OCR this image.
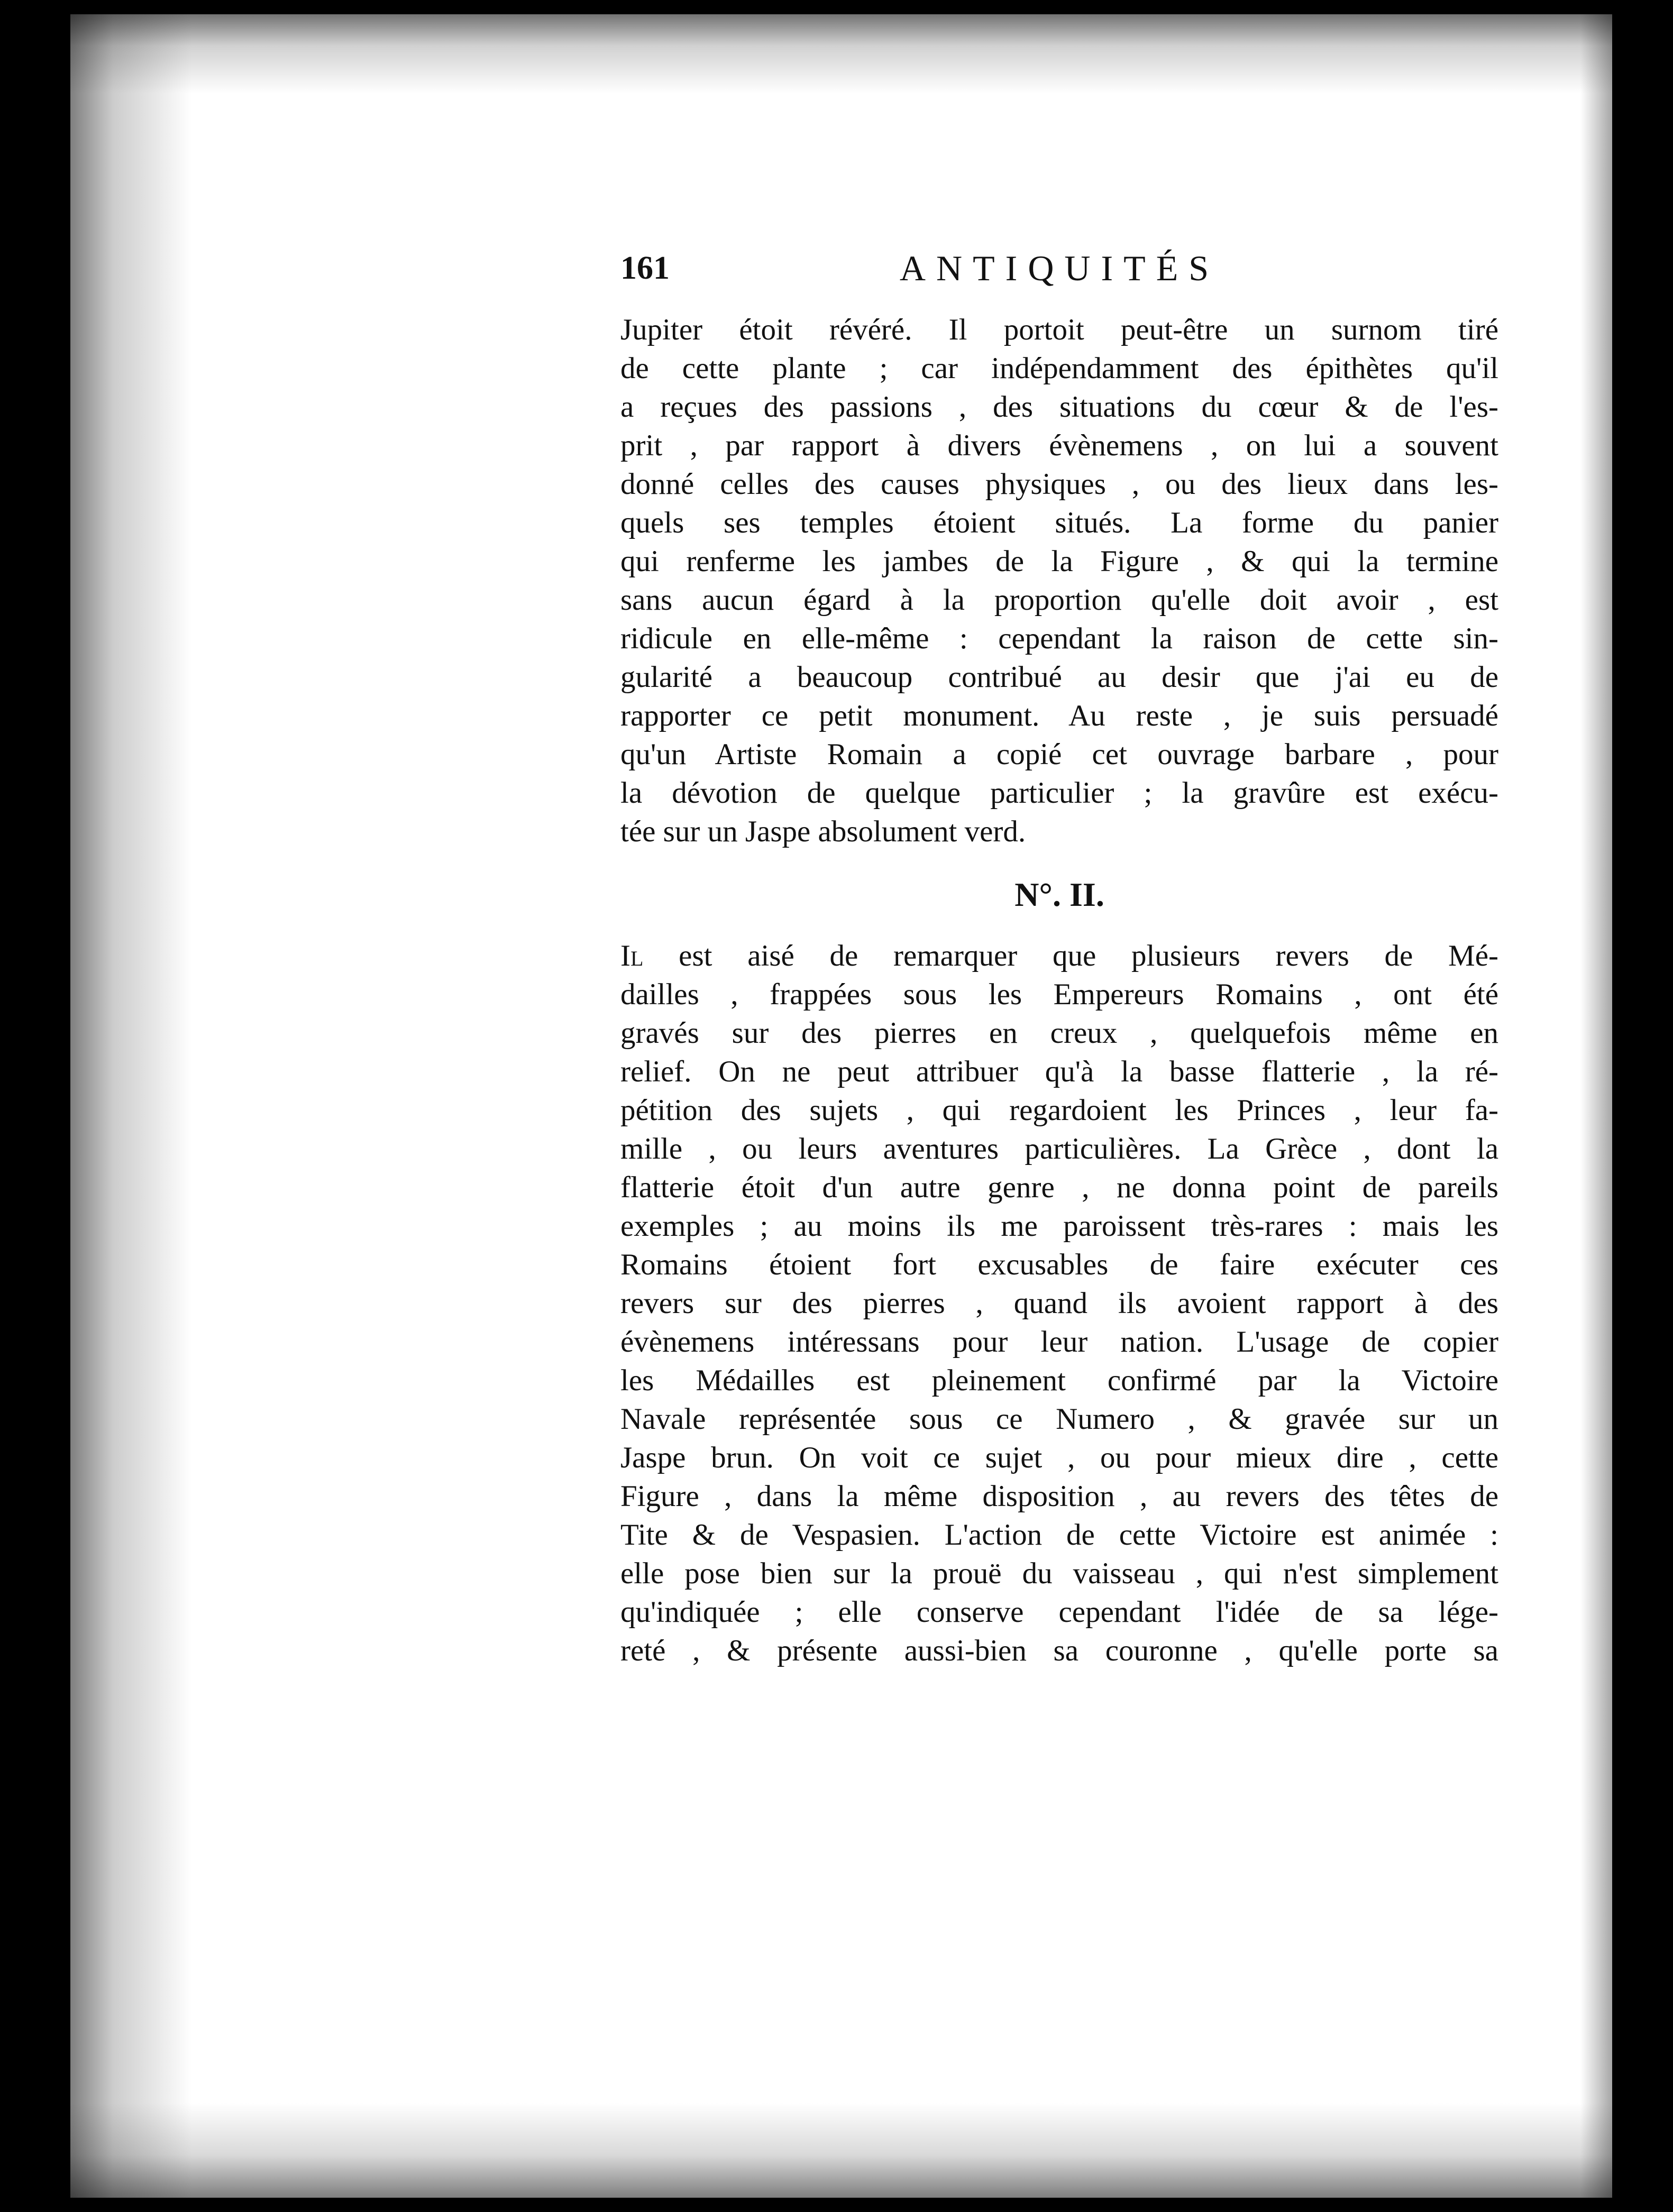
161	ANTIQUITÉS
Jupiter étoit révéré. Il portoit peut-être un surnom tiré
de cette plante ; car indépendamment des épithètes qu'il
a reçues des passions , des situations du cœur & de l'es-
prit , par rapport à divers évènemens , on lui a souvent
donné celles des causes physiques , ou des lieux dans les-
quels ses temples étoient situés. La forme du panier
qui renferme les jambes de la Figure , & qui la termine
sans aucun égard à la proportion qu'elle doit avoir , est
ridicule en elle-même : cependant la raison de cette sin-
gularité a beaucoup contribué au desir que j'ai eu de
rapporter ce petit monument. Au reste , je suis persuadé
qu'un Artiste Romain a copié cet ouvrage barbare , pour
la dévotion de quelque particulier ; la gravûre est exécu-
tée sur un Jaspe absolument verd.
N°. II.
Il est aisé de remarquer que plusieurs revers de Mé-
dailles , frappées sous les Empereurs Romains , ont été
gravés sur des pierres en creux , quelquefois même en
relief. On ne peut attribuer qu'à la basse flatterie , la ré-
pétition des sujets , qui regardoient les Princes , leur fa-
mille , ou leurs aventures particulières. La Grèce , dont la
flatterie étoit d'un autre genre , ne donna point de pareils
exemples ; au moins ils me paroissent très-rares : mais les
Romains étoient fort excusables de faire exécuter ces
revers sur des pierres , quand ils avoient rapport à des
évènemens intéressans pour leur nation. L'usage de copier
les Médailles est pleinement confirmé par la Victoire
Navale représentée sous ce Numero , & gravée sur un
Jaspe brun. On voit ce sujet , ou pour mieux dire , cette
Figure , dans la même disposition , au revers des têtes de
Tite & de Vespasien. L'action de cette Victoire est animée :
elle pose bien sur la prouë du vaisseau , qui n'est simplement
qu'indiquée ; elle conserve cependant l'idée de sa lége-
reté , & présente aussi-bien sa couronne , qu'elle porte sa
